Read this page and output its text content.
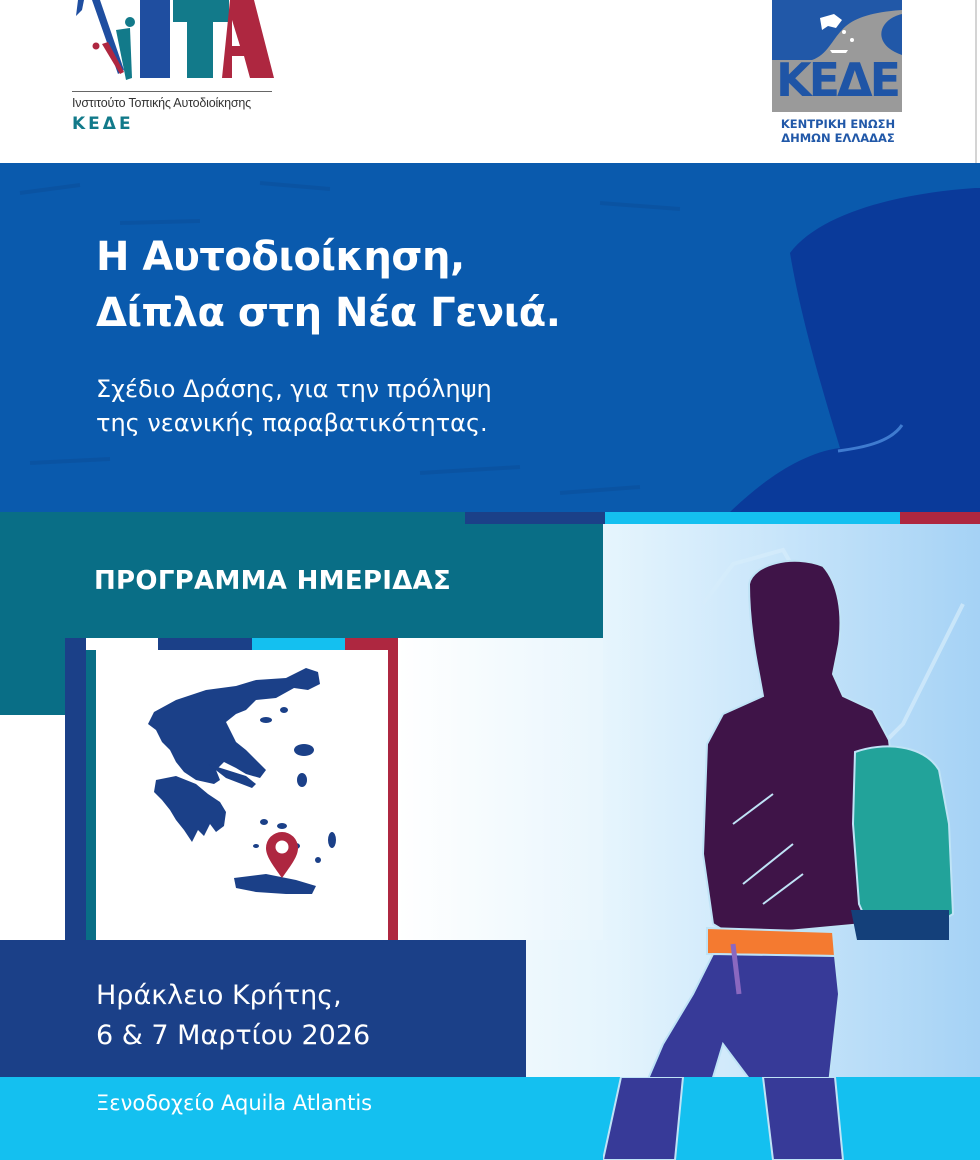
Ινστιτούτο Τοπικής Αυτοδιοίκησης
ΚΕΔΕ
ΚΕΔΕ
ΚΕΝΤΡΙΚΗ ΕΝΩΣΗ
ΔΗΜΩΝ ΕΛΛΑΔΑΣ
Η Αυτοδιοίκηση,
Δίπλα στη Νέα Γενιά.
Σχέδιο Δράσης, για την πρόληψη
της νεανικής παραβατικότητας.
ΠΡΟΓΡΑΜΜΑ ΗΜΕΡΙΔΑΣ
Ηράκλειο Κρήτης,
6 & 7 Μαρτίου 2026
Ξενοδοχείο Aquila Atlantis
